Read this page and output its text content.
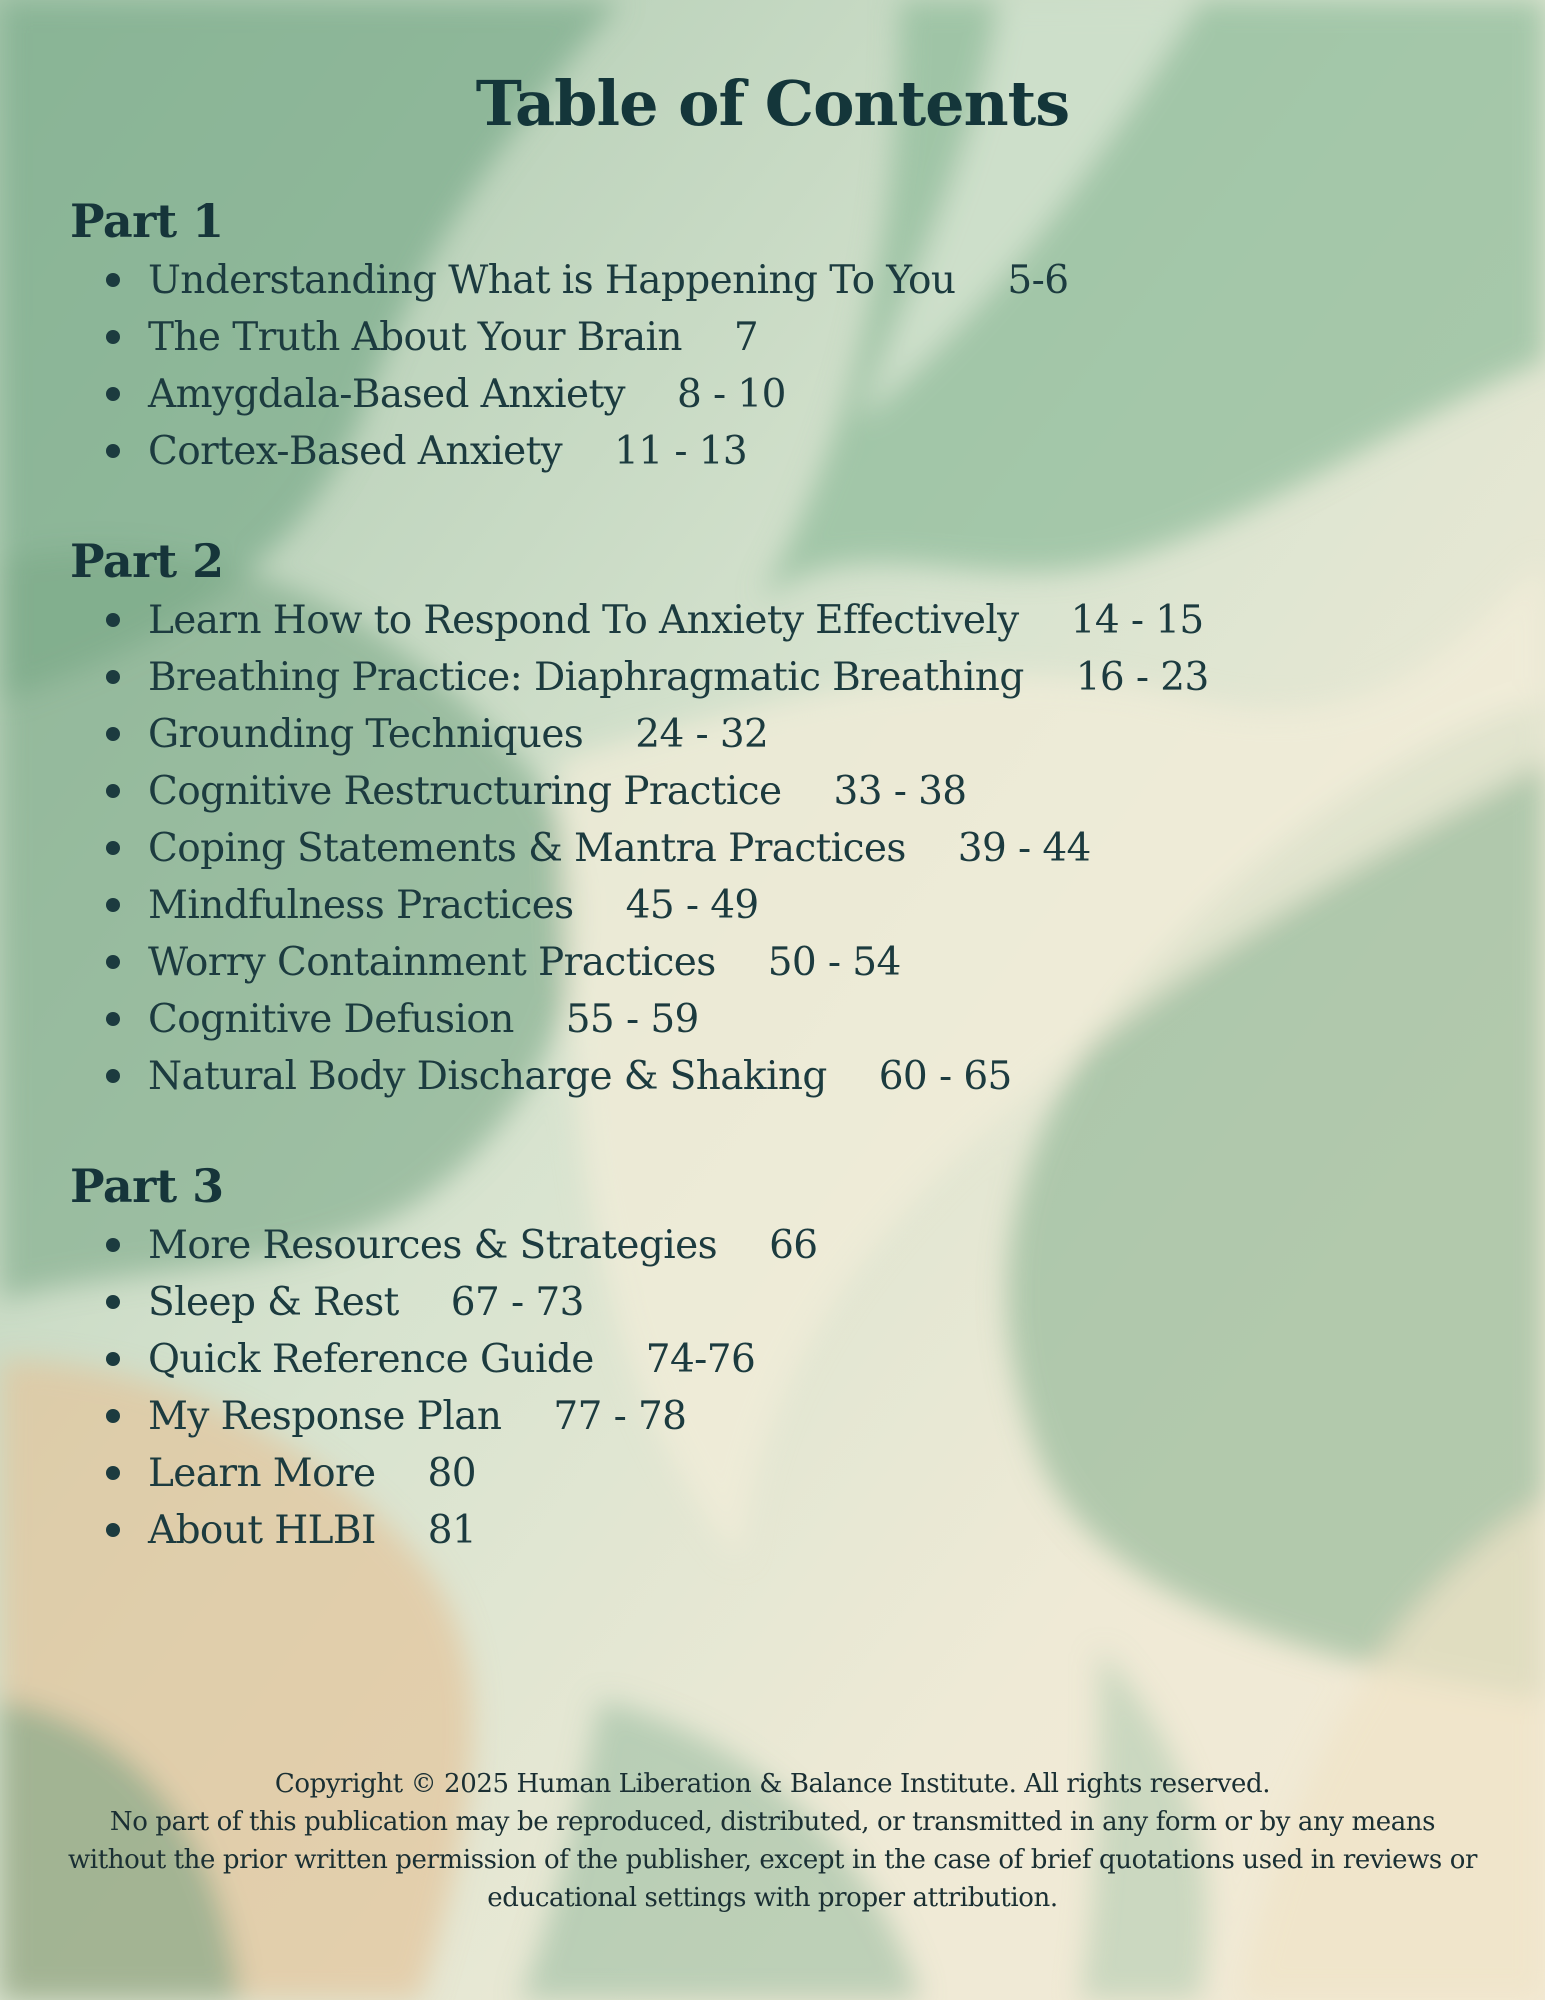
Table of Contents
Part 1
Understanding What is Happening To You 5-6
The Truth About Your Brain 7
Amygdala-Based Anxiety 8 - 10
Cortex-Based Anxiety 11 - 13
Part 2
Learn How to Respond To Anxiety Effectively 14 - 15
Breathing Practice: Diaphragmatic Breathing 16 - 23
Grounding Techniques 24 - 32
Cognitive Restructuring Practice 33 - 38
Coping Statements & Mantra Practices 39 - 44
Mindfulness Practices 45 - 49
Worry Containment Practices 50 - 54
Cognitive Defusion 55 - 59
Natural Body Discharge & Shaking 60 - 65
Part 3
More Resources & Strategies 66
Sleep & Rest 67 - 73
Quick Reference Guide 74-76
My Response Plan 77 - 78
Learn More 80
About HLBI 81

Copyright © 2025 Human Liberation & Balance Institute. All rights reserved.

No part of this publication may be reproduced, distributed, or transmitted in any form or by any means without the prior written permission of the publisher, except in the case of brief quotations used in reviews or educational settings with proper attribution.
